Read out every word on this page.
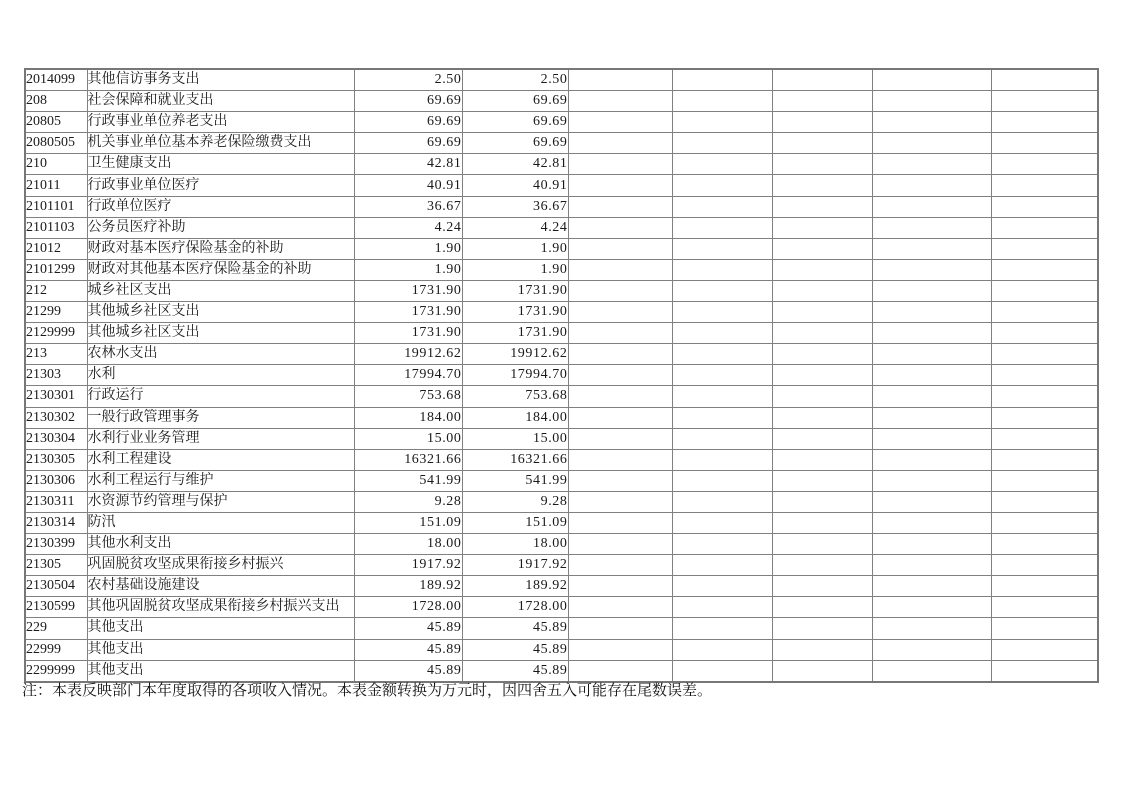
2014099	其他信访事务支出	2.50	2.50					
208	社会保障和就业支出	69.69	69.69					
20805	行政事业单位养老支出	69.69	69.69					
2080505	机关事业单位基本养老保险缴费支出	69.69	69.69					
210	卫生健康支出	42.81	42.81					
21011	行政事业单位医疗	40.91	40.91					
2101101	行政单位医疗	36.67	36.67					
2101103	公务员医疗补助	4.24	4.24					
21012	财政对基本医疗保险基金的补助	1.90	1.90					
2101299	财政对其他基本医疗保险基金的补助	1.90	1.90					
212	城乡社区支出	1731.90	1731.90					
21299	其他城乡社区支出	1731.90	1731.90					
2129999	其他城乡社区支出	1731.90	1731.90					
213	农林水支出	19912.62	19912.62					
21303	水利	17994.70	17994.70					
2130301	行政运行	753.68	753.68					
2130302	一般行政管理事务	184.00	184.00					
2130304	水利行业业务管理	15.00	15.00					
2130305	水利工程建设	16321.66	16321.66					
2130306	水利工程运行与维护	541.99	541.99					
2130311	水资源节约管理与保护	9.28	9.28					
2130314	防汛	151.09	151.09					
2130399	其他水利支出	18.00	18.00					
21305	巩固脱贫攻坚成果衔接乡村振兴	1917.92	1917.92					
2130504	农村基础设施建设	189.92	189.92					
2130599	其他巩固脱贫攻坚成果衔接乡村振兴支出	1728.00	1728.00					
229	其他支出	45.89	45.89					
22999	其他支出	45.89	45.89					
2299999	其他支出	45.89	45.89					
注：本表反映部门本年度取得的各项收入情况。本表金额转换为万元时，因四舍五入可能存在尾数误差。
